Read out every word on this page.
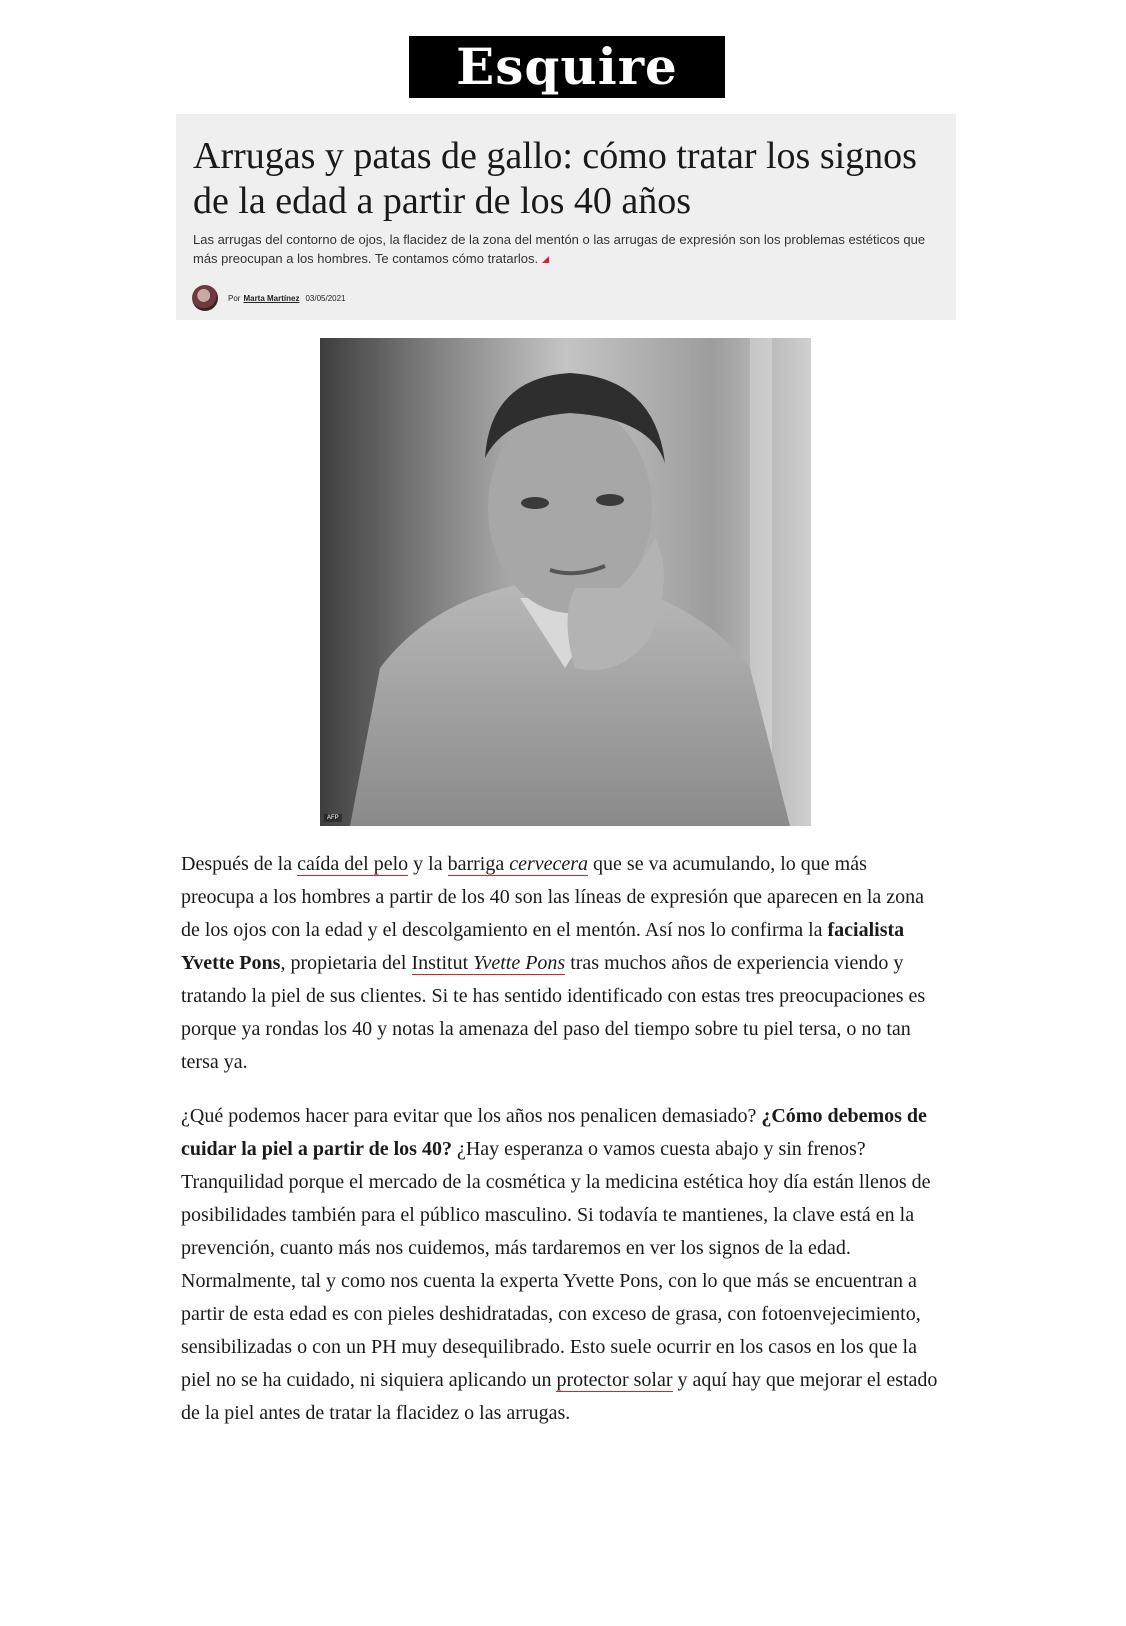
Esquire
Arrugas y patas de gallo: cómo tratar los signos de la edad a partir de los 40 años

Las arrugas del contorno de ojos, la flacidez de la zona del mentón o las arrugas de expresión son los problemas estéticos que más preocupan a los hombres. Te contamos cómo tratarlos.

Por Marta Martínez 03/05/2021
AFP

Después de la caída del pelo y la barriga cervecera que se va acumulando, lo que más preocupa a los hombres a partir de los 40 son las líneas de expresión que aparecen en la zona de los ojos con la edad y el descolgamiento en el mentón. Así nos lo confirma la facialista Yvette Pons, propietaria del Institut Yvette Pons tras muchos años de experiencia viendo y tratando la piel de sus clientes. Si te has sentido identificado con estas tres preocupaciones es porque ya rondas los 40 y notas la amenaza del paso del tiempo sobre tu piel tersa, o no tan tersa ya.

¿Qué podemos hacer para evitar que los años nos penalicen demasiado? ¿Cómo debemos de cuidar la piel a partir de los 40? ¿Hay esperanza o vamos cuesta abajo y sin frenos? Tranquilidad porque el mercado de la cosmética y la medicina estética hoy día están llenos de posibilidades también para el público masculino. Si todavía te mantienes, la clave está en la prevención, cuanto más nos cuidemos, más tardaremos en ver los signos de la edad. Normalmente, tal y como nos cuenta la experta Yvette Pons, con lo que más se encuentran a partir de esta edad es con pieles deshidratadas, con exceso de grasa, con fotoenvejecimiento, sensibilizadas o con un PH muy desequilibrado. Esto suele ocurrir en los casos en los que la piel no se ha cuidado, ni siquiera aplicando un protector solar y aquí hay que mejorar el estado de la piel antes de tratar la flacidez o las arrugas.
